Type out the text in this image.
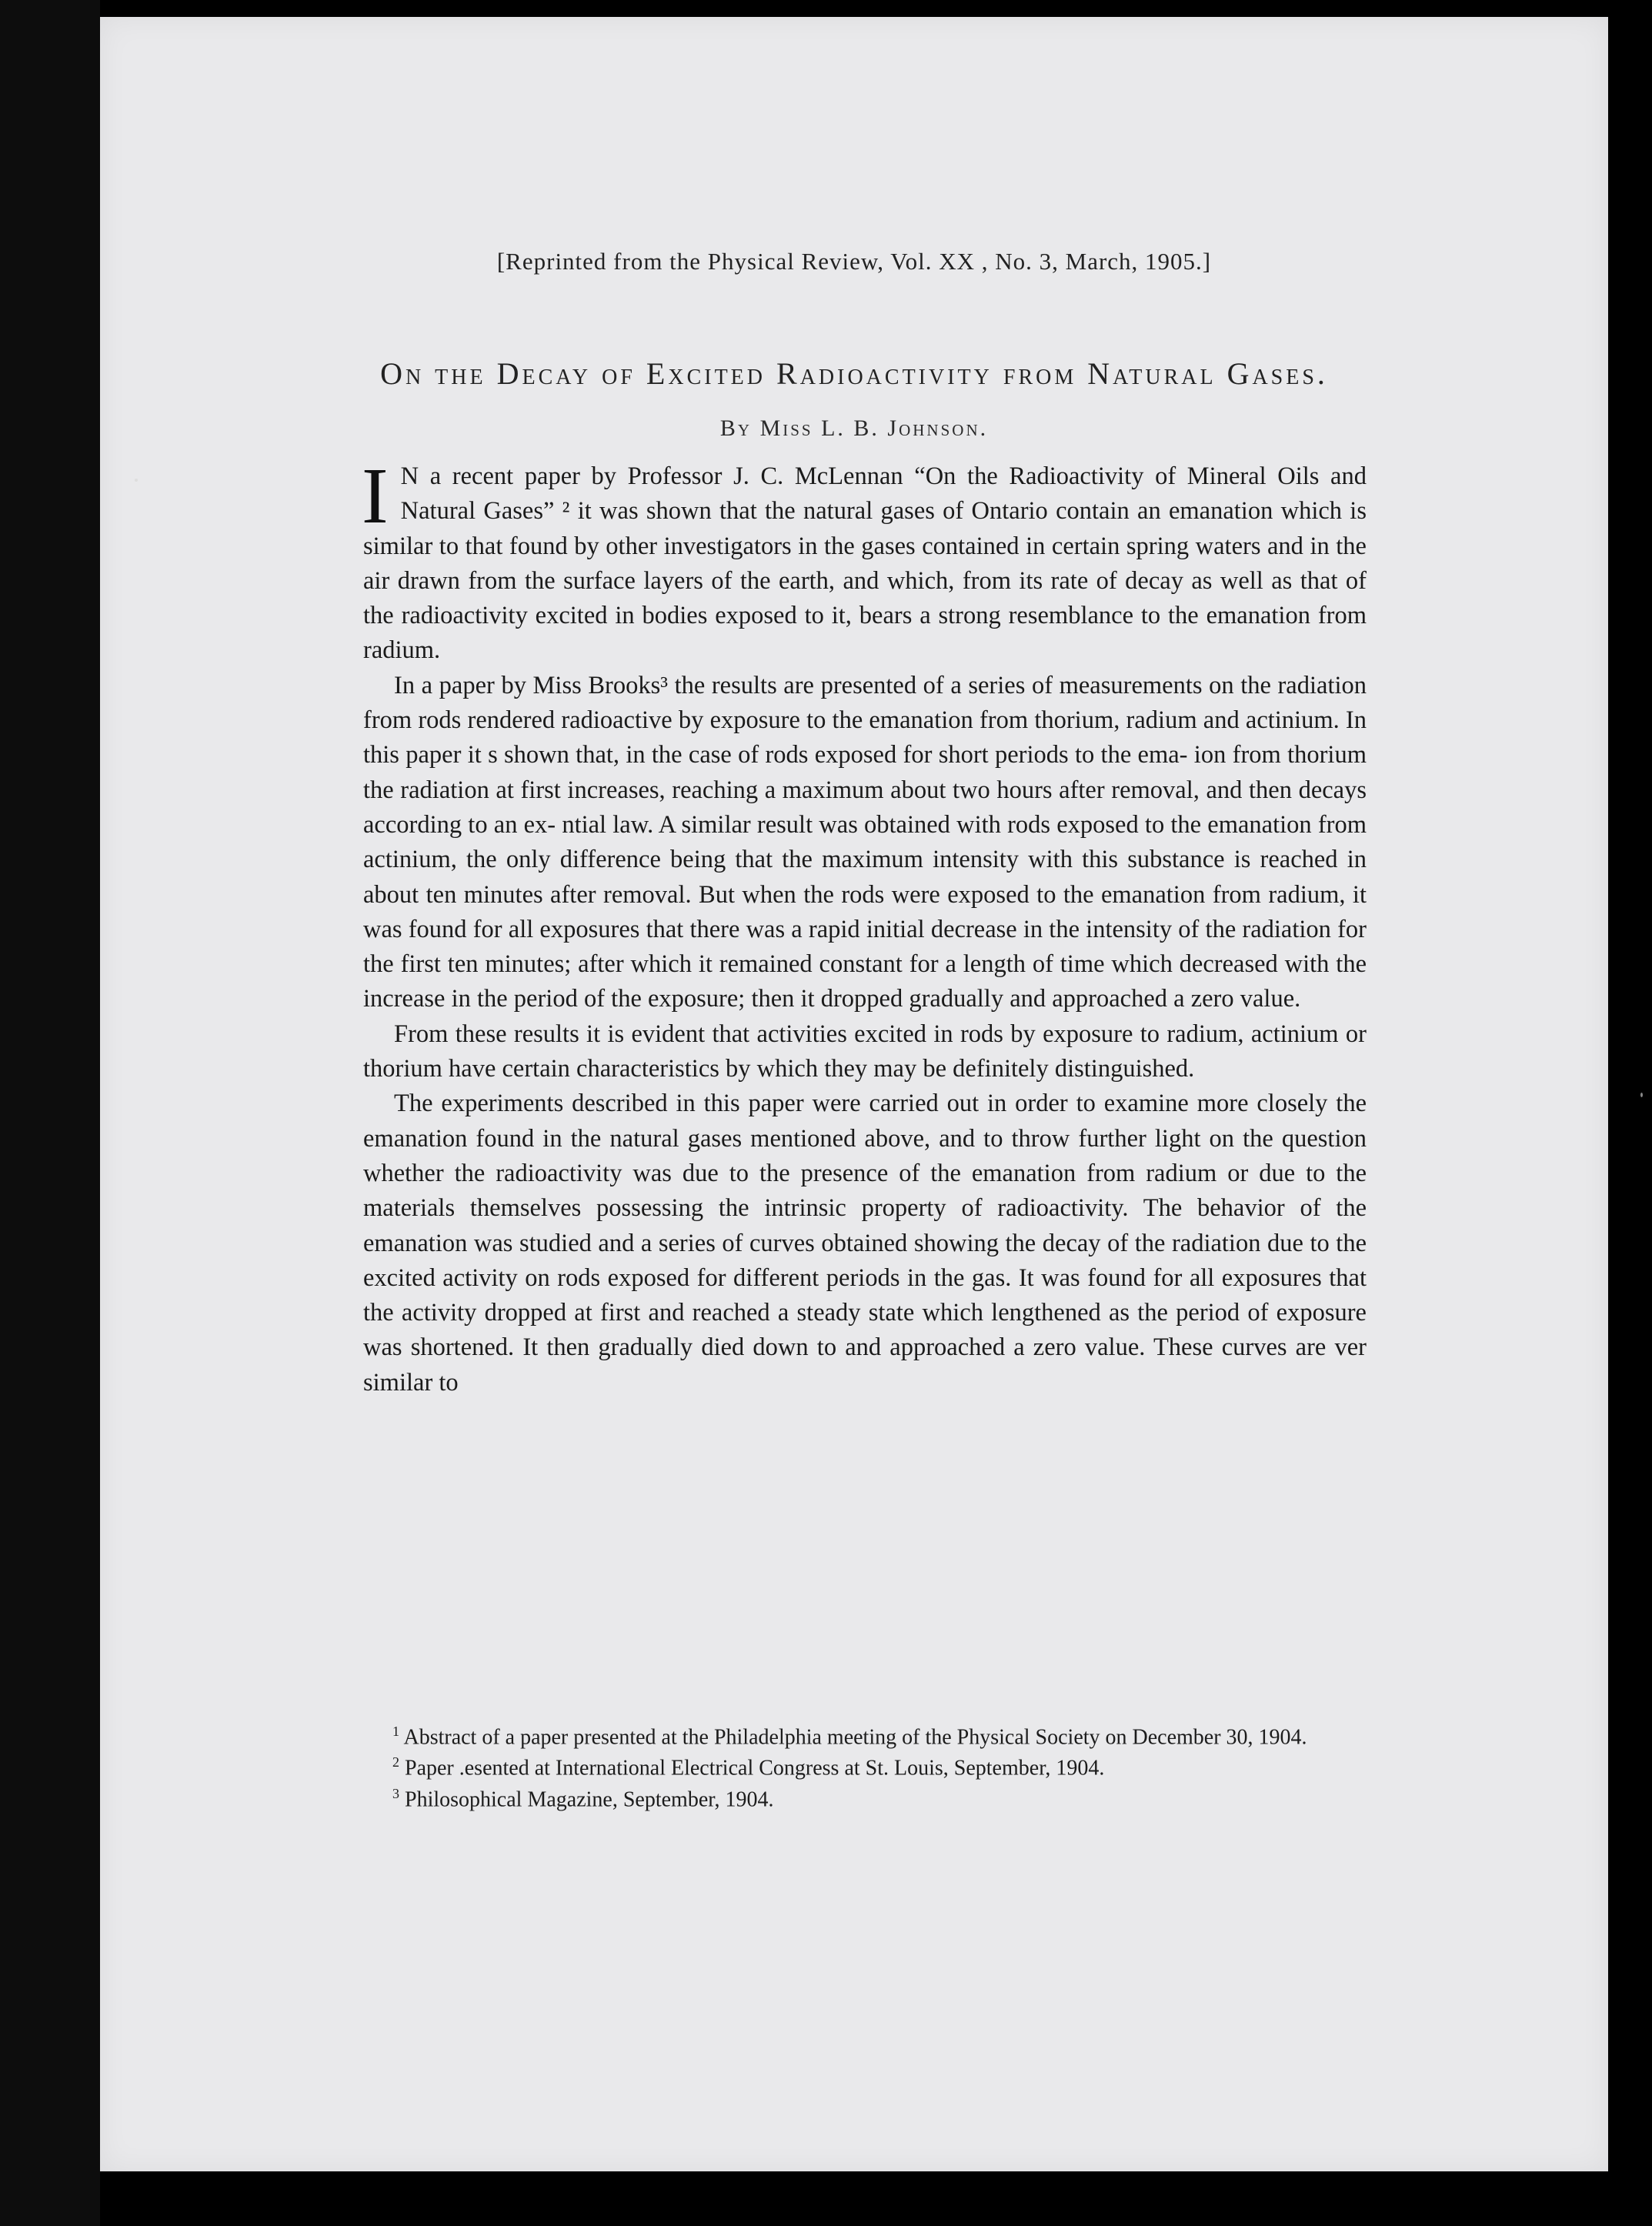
[Reprinted from the Physical Review, Vol. XX , No. 3, March, 1905.]
On the Decay of Excited Radioactivity from Natural Gases.
By Miss L. B. Johnson.

I N a recent paper by Professor J. C. McLennan “On the Radioactivity of Mineral Oils and Natural Gases” ² it was shown that the natural gases of Ontario contain an emanation which is similar to that found by other investigators in the gases contained in certain spring waters and in the air drawn from the surface layers of the earth, and which, from its rate of decay as well as that of the radioactivity excited in bodies exposed to it, bears a strong resemblance to the emanation from radium.

In a paper by Miss Brooks³ the results are presented of a series of measurements on the radiation from rods rendered radioactive by exposure to the emanation from thorium, radium and actinium. In this paper it s shown that, in the case of rods exposed for short periods to the ema- ion from thorium the radiation at first increases, reaching a maximum about two hours after removal, and then decays according to an ex- ntial law. A similar result was obtained with rods exposed to the emanation from actinium, the only difference being that the maximum intensity with this substance is reached in about ten minutes after removal. But when the rods were exposed to the emanation from radium, it was found for all exposures that there was a rapid initial decrease in the intensity of the radiation for the first ten minutes; after which it remained constant for a length of time which decreased with the increase in the period of the exposure; then it dropped gradually and approached a zero value.

From these results it is evident that activities excited in rods by exposure to radium, actinium or thorium have certain characteristics by which they may be definitely distinguished.

The experiments described in this paper were carried out in order to examine more closely the emanation found in the natural gases mentioned above, and to throw further light on the question whether the radioactivity was due to the presence of the emanation from radium or due to the materials themselves possessing the intrinsic property of radioactivity. The behavior of the emanation was studied and a series of curves obtained showing the decay of the radiation due to the excited activity on rods exposed for different periods in the gas. It was found for all exposures that the activity dropped at first and reached a steady state which lengthened as the period of exposure was shortened. It then gradually died down to and approached a zero value. These curves are ver similar to

$^1$ Abstract of a paper presented at the Philadelphia meeting of the Physical Society on December 30, 1904.

$^2$ Paper .esented at International Electrical Congress at St. Louis, September, 1904.

$^3$ Philosophical Magazine, September, 1904.
